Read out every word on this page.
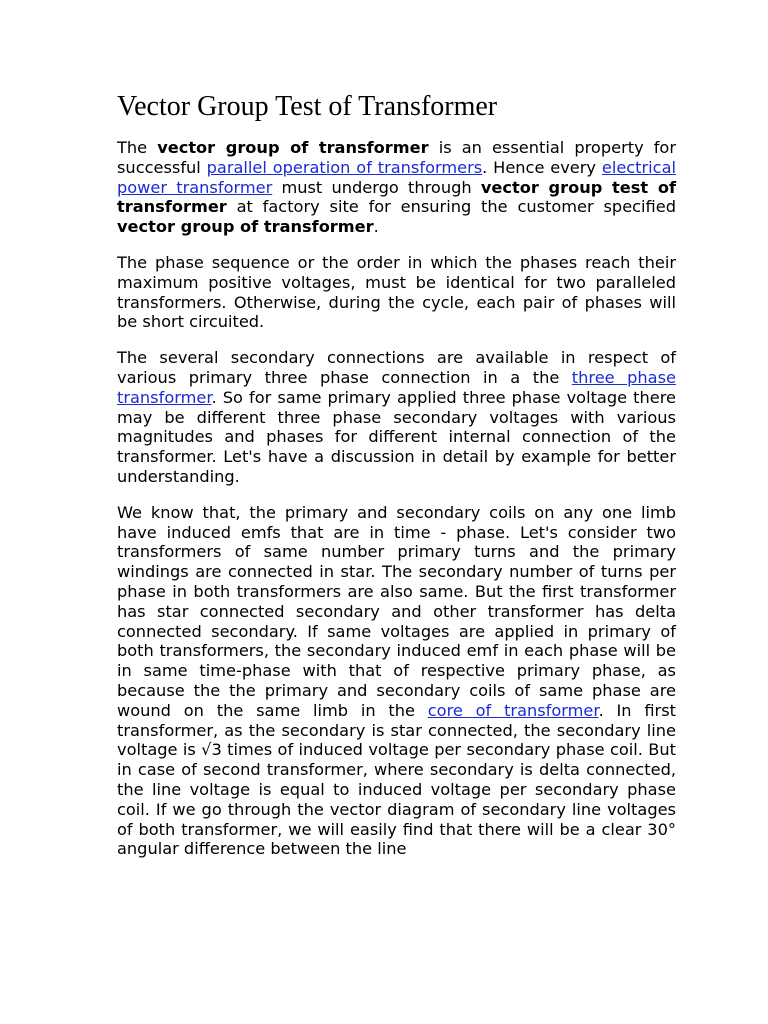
Vector Group Test of Transformer

The vector group of transformer is an essential property for successful parallel operation of transformers. Hence every electrical power transformer must undergo through vector group test of transformer at factory site for ensuring the customer specified vector group of transformer.

The phase sequence or the order in which the phases reach their maximum positive voltages, must be identical for two paralleled transformers. Otherwise, during the cycle, each pair of phases will be short circuited.

The several secondary connections are available in respect of various primary three phase connection in a the three phase transformer. So for same primary applied three phase voltage there may be different three phase secondary voltages with various magnitudes and phases for different internal connection of the transformer. Let's have a discussion in detail by example for better understanding.

We know that, the primary and secondary coils on any one limb have induced emfs that are in time - phase. Let's consider two transformers of same number primary turns and the primary windings are connected in star. The secondary number of turns per phase in both transformers are also same. But the first transformer has star connected secondary and other transformer has delta connected secondary. If same voltages are applied in primary of both transformers, the secondary induced emf in each phase will be in same time-phase with that of respective primary phase, as because the the primary and secondary coils of same phase are wound on the same limb in the core of transformer. In first transformer, as the secondary is star connected, the secondary line voltage is √3 times of induced voltage per secondary phase coil. But in case of second transformer, where secondary is delta connected, the line voltage is equal to induced voltage per secondary phase coil. If we go through the vector diagram of secondary line voltages of both transformer, we will easily find that there will be a clear 30° angular difference between the line
